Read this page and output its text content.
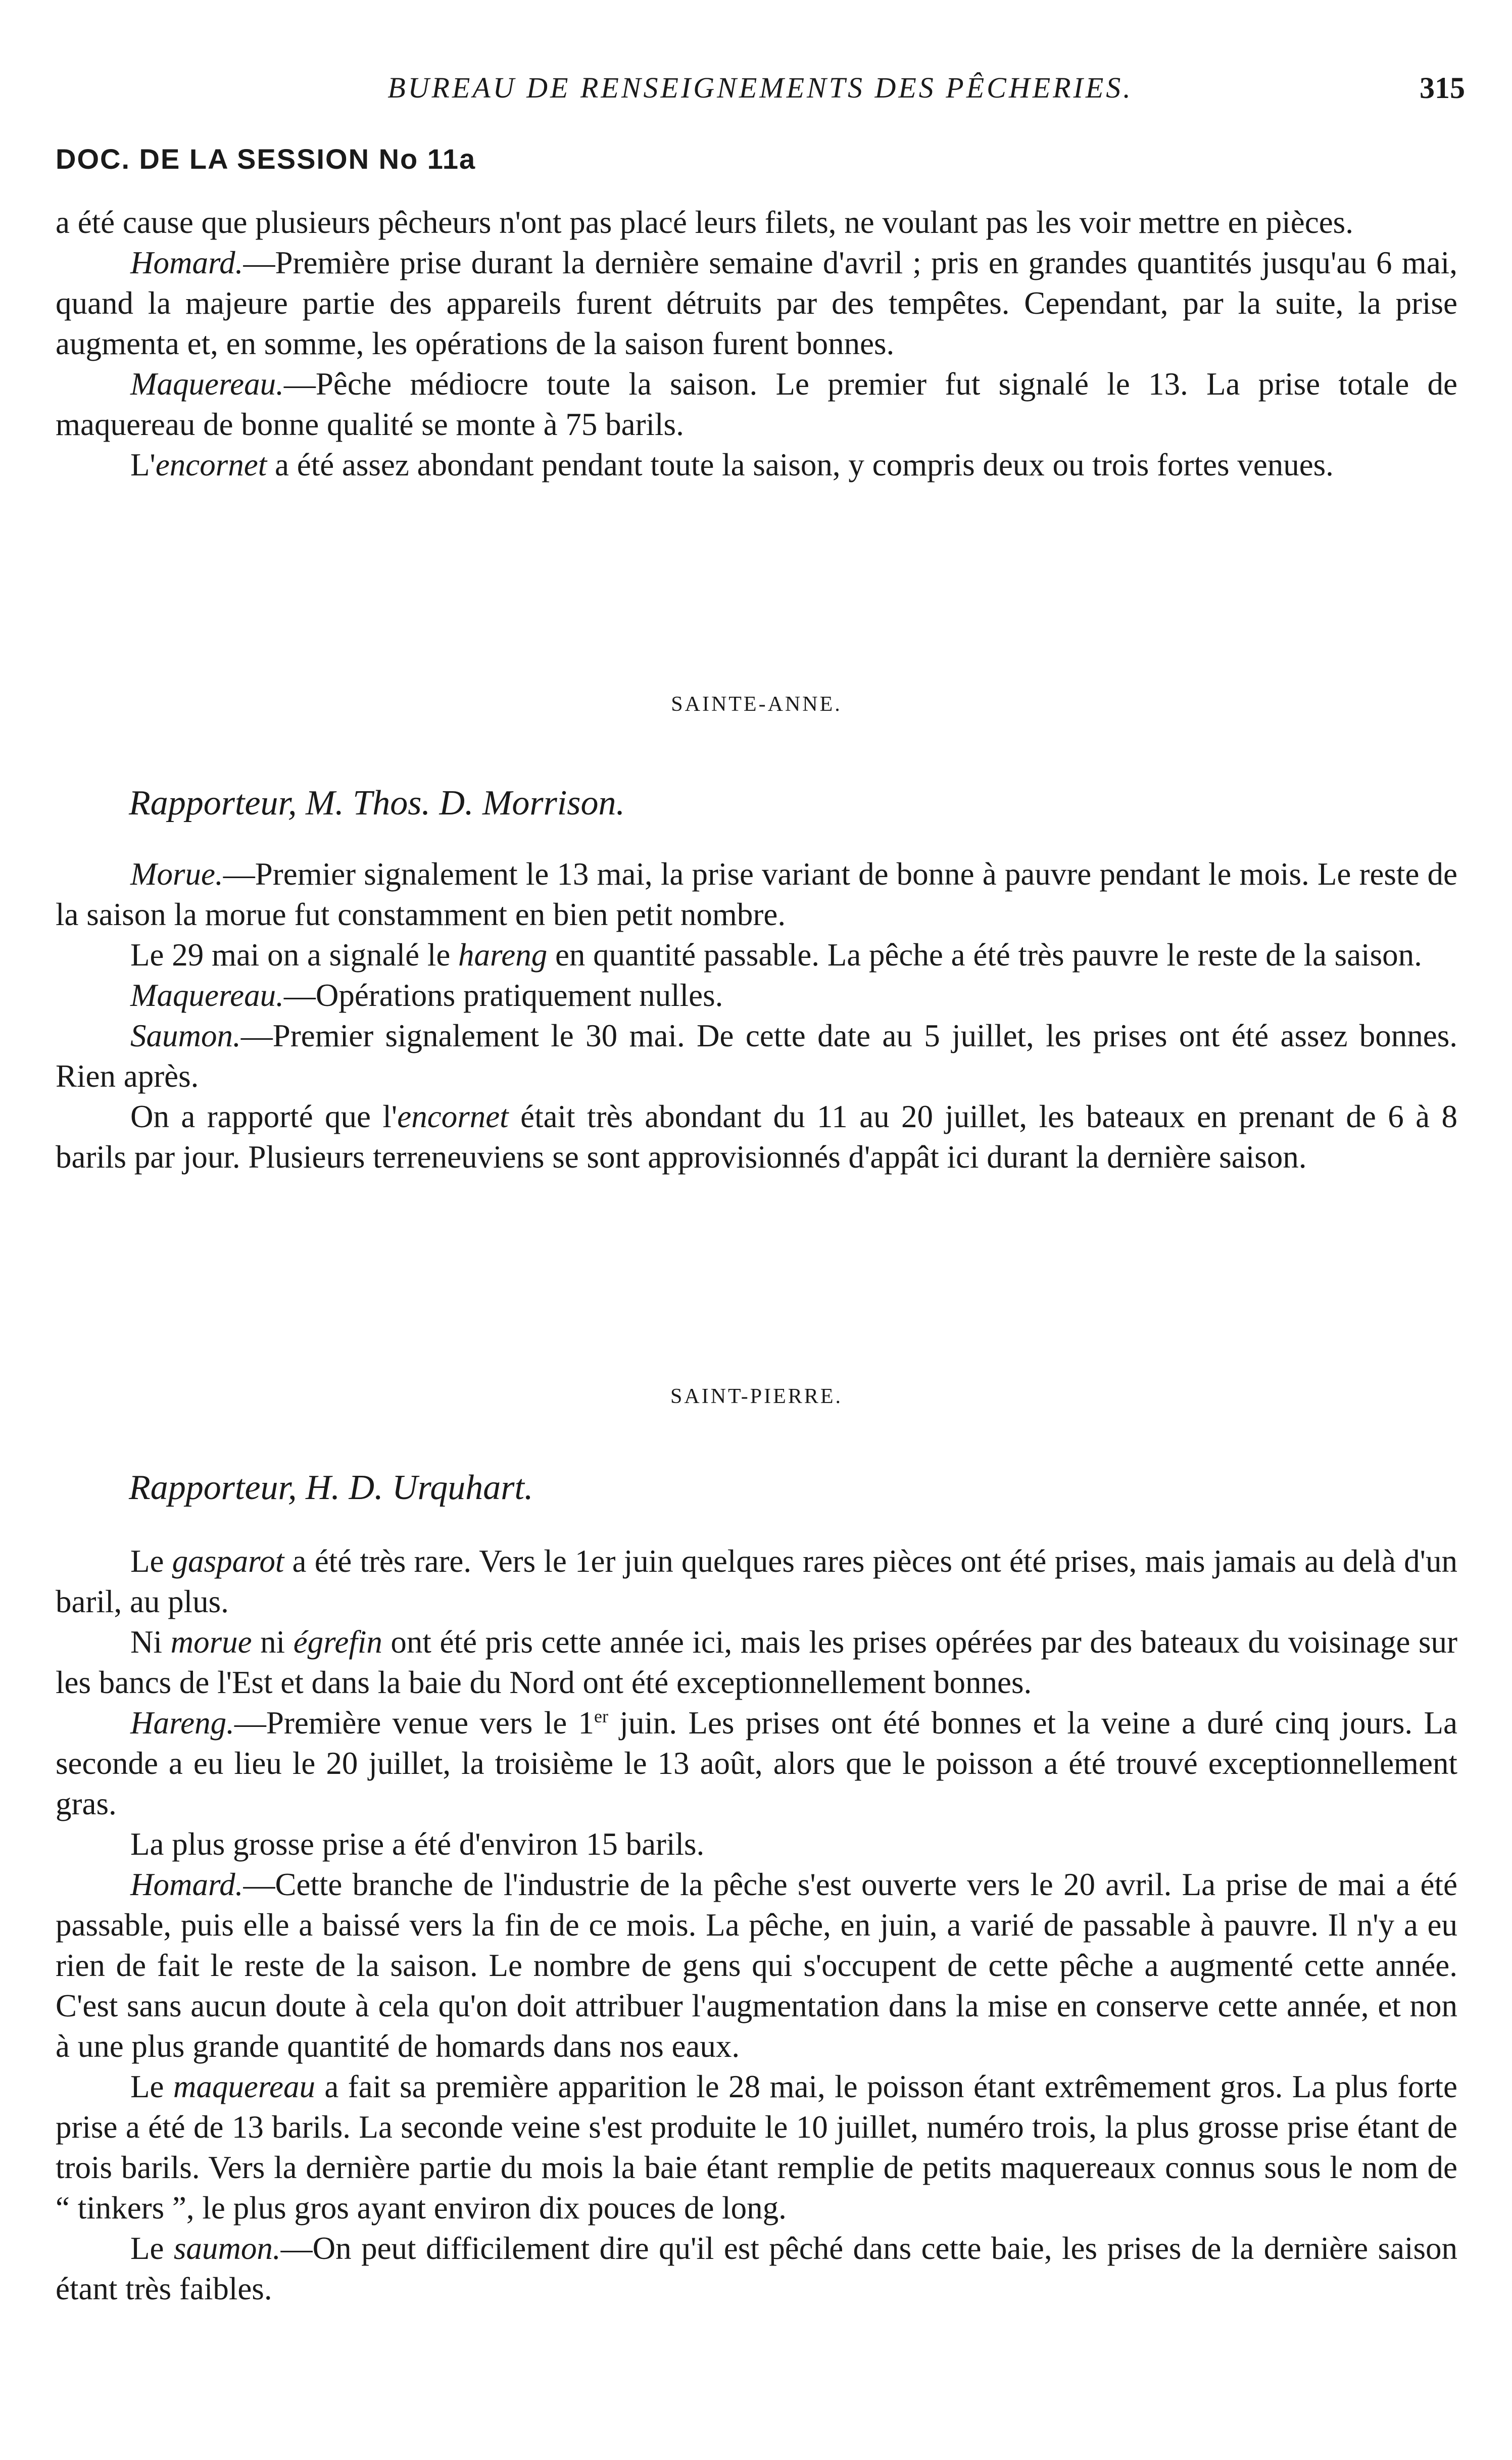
BUREAU DE RENSEIGNEMENTS DES PÊCHERIES.	315
DOC. DE LA SESSION No 11a

a été cause que plusieurs pêcheurs n'ont pas placé leurs filets, ne voulant pas les voir mettre en pièces.

Homard.—Première prise durant la dernière semaine d'avril ; pris en grandes quantités jusqu'au 6 mai, quand la majeure partie des appareils furent détruits par des tempêtes. Cependant, par la suite, la prise augmenta et, en somme, les opérations de la saison furent bonnes.

Maquereau.—Pêche médiocre toute la saison. Le premier fut signalé le 13. La prise totale de maquereau de bonne qualité se monte à 75 barils.

L'encornet a été assez abondant pendant toute la saison, y compris deux ou trois fortes venues.

SAINTE-ANNE.
Rapporteur, M. Thos. D. Morrison.

Morue.—Premier signalement le 13 mai, la prise variant de bonne à pauvre pendant le mois. Le reste de la saison la morue fut constamment en bien petit nombre.

Le 29 mai on a signalé le hareng en quantité passable. La pêche a été très pauvre le reste de la saison.

Maquereau.—Opérations pratiquement nulles.

Saumon.—Premier signalement le 30 mai. De cette date au 5 juillet, les prises ont été assez bonnes. Rien après.

On a rapporté que l'encornet était très abondant du 11 au 20 juillet, les bateaux en prenant de 6 à 8 barils par jour. Plusieurs terreneuviens se sont approvisionnés d'appât ici durant la dernière saison.

SAINT-PIERRE.
Rapporteur, H. D. Urquhart.

Le gasparot a été très rare. Vers le 1er juin quelques rares pièces ont été prises, mais jamais au delà d'un baril, au plus.

Ni morue ni égrefin ont été pris cette année ici, mais les prises opérées par des bateaux du voisinage sur les bancs de l'Est et dans la baie du Nord ont été exceptionnellement bonnes.

Hareng.—Première venue vers le 1er juin. Les prises ont été bonnes et la veine a duré cinq jours. La seconde a eu lieu le 20 juillet, la troisième le 13 août, alors que le poisson a été trouvé exceptionnellement gras.

La plus grosse prise a été d'environ 15 barils.

Homard.—Cette branche de l'industrie de la pêche s'est ouverte vers le 20 avril. La prise de mai a été passable, puis elle a baissé vers la fin de ce mois. La pêche, en juin, a varié de passable à pauvre. Il n'y a eu rien de fait le reste de la saison. Le nombre de gens qui s'occupent de cette pêche a augmenté cette année. C'est sans aucun doute à cela qu'on doit attribuer l'augmentation dans la mise en conserve cette année, et non à une plus grande quantité de homards dans nos eaux.

Le maquereau a fait sa première apparition le 28 mai, le poisson étant extrêmement gros. La plus forte prise a été de 13 barils. La seconde veine s'est produite le 10 juillet, numéro trois, la plus grosse prise étant de trois barils. Vers la dernière partie du mois la baie étant remplie de petits maquereaux connus sous le nom de “ tinkers ”, le plus gros ayant environ dix pouces de long.

Le saumon.—On peut difficilement dire qu'il est pêché dans cette baie, les prises de la dernière saison étant très faibles.
